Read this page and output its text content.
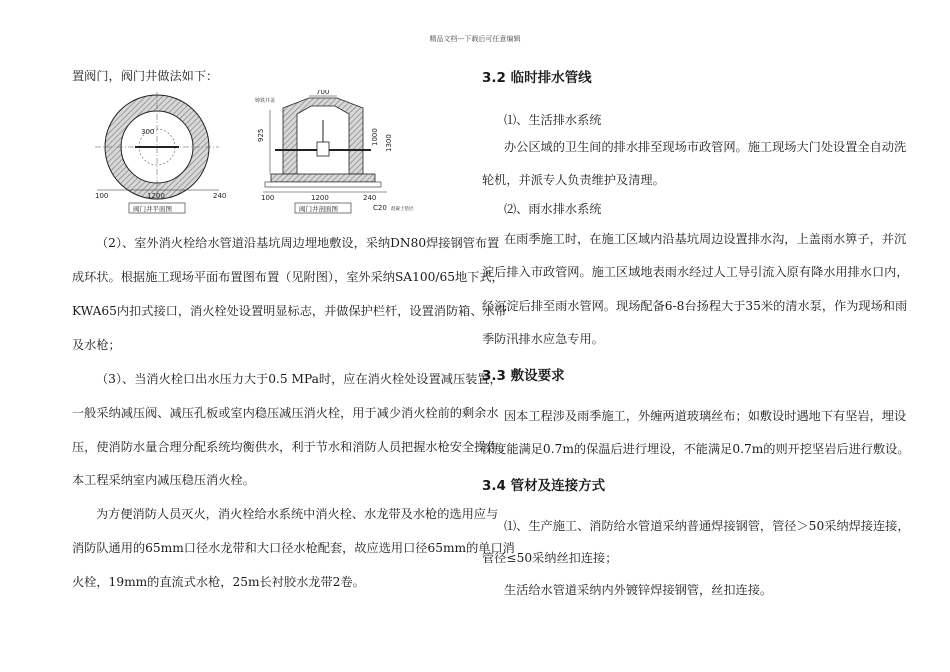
精品文档---下载后可任意编辑

置阀门，阀门井做法如下：

（2）、室外消火栓给水管道沿基坑周边埋地敷设，采纳DN80焊接钢管布置

成环状。根据施工现场平面布置图布置（见附图），室外采纳SA100/65地下式，

KWA65内扣式接口，消火栓处设置明显标志，并做保护栏杆，设置消防箱、水带

及水枪；

（3）、当消火栓口出水压力大于0.5 MPa时，应在消火栓处设置减压装置，

一般采纳减压阀、减压孔板或室内稳压减压消火栓，用于减少消火栓前的剩余水

压，使消防水量合理分配系统均衡供水，利于节水和消防人员把握水枪安全操作。

本工程采纳室内减压稳压消火栓。

为方便消防人员灭火，消火栓给水系统中消火栓、水龙带及水枪的选用应与

消防队通用的65mm口径水龙带和大口径水枪配套，故应选用口径65mm的单口消

火栓，19mm的直流式水枪，25m长衬胶水龙带2卷。

300
100	1200	240
阀门井平面图
700
铸铁井盖
925	1000 1300
100	1200	240
C20 混凝土垫层
阀门井剖面图
3.2 临时排水管线

⑴、生活排水系统

办公区域的卫生间的排水排至现场市政管网。施工现场大门处设置全自动洗

轮机，并派专人负责维护及清理。

⑵、雨水排水系统

在雨季施工时，在施工区域内沿基坑周边设置排水沟，上盖雨水箅子，并沉

淀后排入市政管网。施工区域地表雨水经过人工导引流入原有降水用排水口内，

经沉淀后排至雨水管网。现场配备6-8台扬程大于35米的清水泵，作为现场和雨

季防汛排水应急专用。

3.3 敷设要求

因本工程涉及雨季施工，外缠两道玻璃丝布；如敷设时遇地下有坚岩，埋设

深度能满足0.7m的保温后进行埋设，不能满足0.7m的则开挖坚岩后进行敷设。

3.4 管材及连接方式

⑴、生产施工、消防给水管道采纳普通焊接钢管，管径＞50采纳焊接连接，

管径≤50采纳丝扣连接；

生活给水管道采纳内外镀锌焊接钢管，丝扣连接。
